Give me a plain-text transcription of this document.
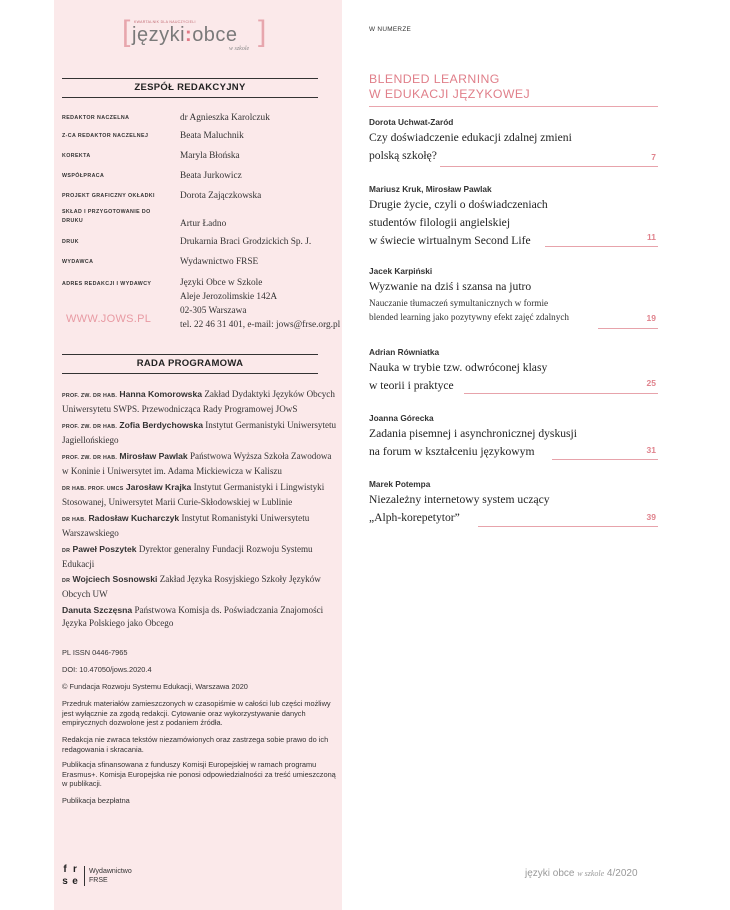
[ KWARTALNIK DLA NAUCZYCIELI
języki:obce
w szkole
]
ZESPÓŁ REDAKCYJNY
REDAKTOR NACZELNA	dr Agnieszka Karolczuk
Z-CA REDAKTOR NACZELNEJ	Beata Maluchnik
KOREKTA	Maryla Błońska
WSPÓŁPRACA	Beata Jurkowicz
PROJEKT GRAFICZNY OKŁADKI	Dorota Zajączkowska
SKŁAD I PRZYGOTOWANIE DO DRUKU	Artur Ładno
DRUK	Drukarnia Braci Grodzickich Sp. J.
WYDAWCA	Wydawnictwo FRSE
ADRES REDAKCJI I WYDAWCY	Języki Obce w Szkole
Aleje Jerozolimskie 142A
02-305 Warszawa
tel. 22 46 31 401, e-mail: jows@frse.org.pl
WWW.JOWS.PL
RADA PROGRAMOWA
PROF. ZW. DR HAB. Hanna Komorowska Zakład Dydaktyki Języków Obcych Uniwersytetu SWPS. Przewodnicząca Rady Programowej JOwS
PROF. ZW. DR HAB. Zofia Berdychowska Instytut Germanistyki Uniwersytetu Jagiellońskiego
PROF. ZW. DR HAB. Mirosław Pawlak Państwowa Wyższa Szkoła Zawodowa w Koninie i Uniwersytet im. Adama Mickiewicza w Kaliszu
DR HAB. PROF. UMCS Jarosław Krajka Instytut Germanistyki i Lingwistyki Stosowanej, Uniwersytet Marii Curie-Skłodowskiej w Lublinie
DR HAB. Radosław Kucharczyk Instytut Romanistyki Uniwersytetu Warszawskiego
DR Paweł Poszytek Dyrektor generalny Fundacji Rozwoju Systemu Edukacji
DR Wojciech Sosnowski Zakład Języka Rosyjskiego Szkoły Języków Obcych UW
Danuta Szczęsna Państwowa Komisja ds. Poświadczania Znajomości Języka Polskiego jako Obcego
PL ISSN 0446-7965
DOI: 10.47050/jows.2020.4
© Fundacja Rozwoju Systemu Edukacji, Warszawa 2020
Przedruk materiałów zamieszczonych w czasopiśmie w całości lub części możliwy jest wyłącznie za zgodą redakcji. Cytowanie oraz wykorzystywanie danych empirycznych dozwolone jest z podaniem źródła.
Redakcja nie zwraca tekstów niezamówionych oraz zastrzega sobie prawo do ich redagowania i skracania.
Publikacja sfinansowana z funduszy Komisji Europejskiej w ramach programu Erasmus+. Komisja Europejska nie ponosi odpowiedzialności za treść umieszczoną w publikacji.
Publikacja bezpłatna
f r
s e
Wydawnictwo
FRSE
W NUMERZE
BLENDED LEARNING
W EDUKACJI JĘZYKOWEJ
Dorota Uchwat-Zaród
Czy doświadczenie edukacji zdalnej zmieni
polską szkołę?	7
Mariusz Kruk, Mirosław Pawlak
Drugie życie, czyli o doświadczeniach
studentów filologii angielskiej
w świecie wirtualnym Second Life	11
Jacek Karpiński
Wyzwanie na dziś i szansa na jutro
Nauczanie tłumaczeń symultanicznych w formie
blended learning jako pozytywny efekt zajęć zdalnych	19
Adrian Równiatka
Nauka w trybie tzw. odwróconej klasy
w teorii i praktyce	25
Joanna Górecka
Zadania pisemnej i asynchronicznej dyskusji
na forum w kształceniu językowym	31
Marek Potempa
Niezależny internetowy system uczący
„Alph-korepetytor”	39
języki obce w szkole 4/2020
